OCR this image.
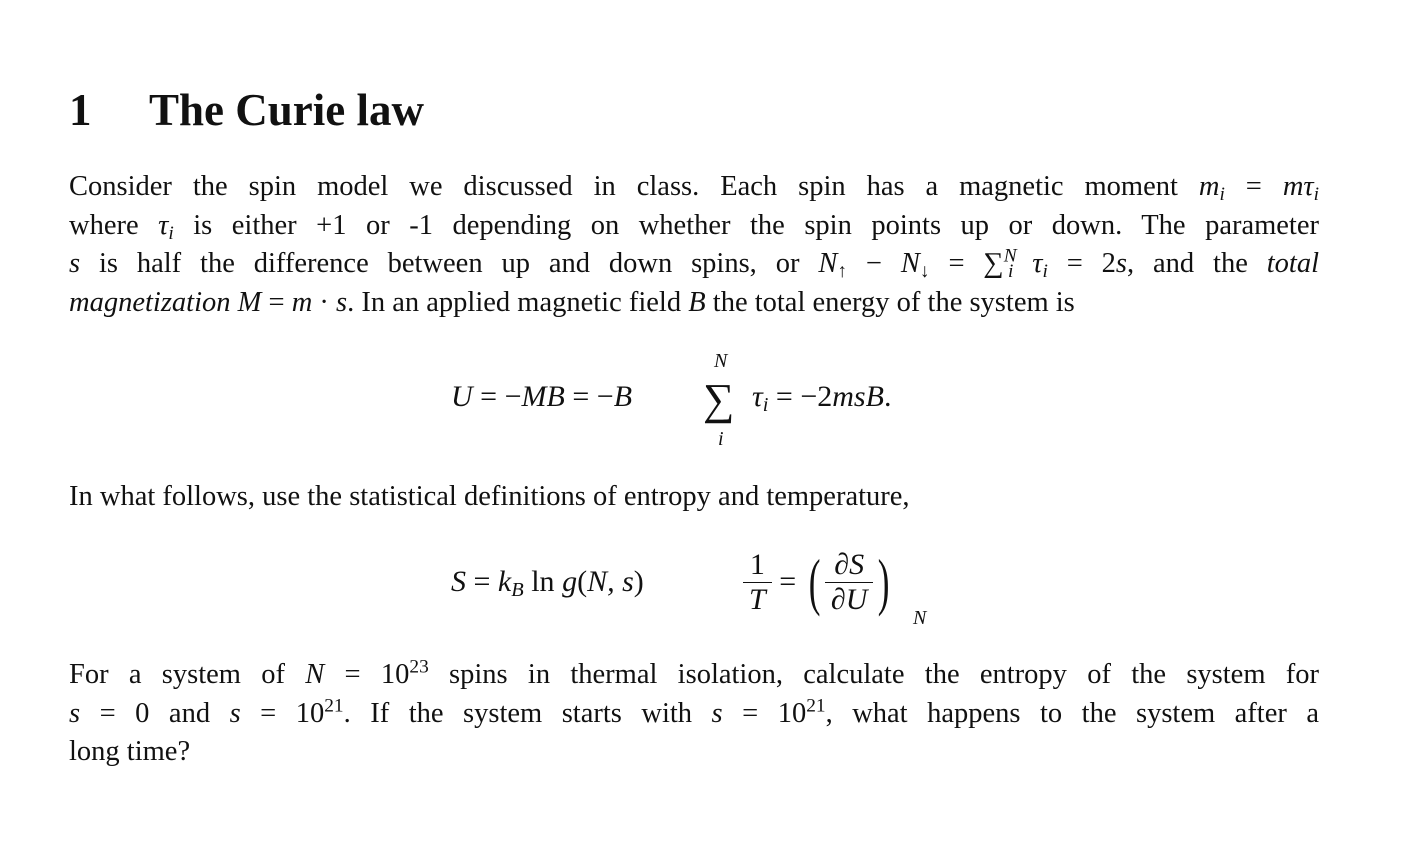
1 The Curie law

Consider the spin model we discussed in class. Each spin has a magnetic moment $m_i = m\tau_i$
where $\tau_i$ is either +1 or -1 depending on whether the spin points up or down. The parameter
s is half the difference between up and down spins, or $N_↑ - N_↓ = \sum^N_i$ $\tau_i = 2s$, and the total
magnetization M = m · s. In an applied magnetic field B the total energy of the system is

U = −MB = −B
N
∑
i
$\tau_i = -2msB$.

In what follows, use the statistical definitions of entropy and temperature,

$S = k_B$ ln g(N, s)	$\frac{1}{T}$ = ( $\frac{\partial S}{\partial U}$ )
N

For a system of $N = 10^{23}$ spins in thermal isolation, calculate the entropy of the system for
s = 0 and $s = 10^{21}$. If the system starts with $s = 10^{21}$, what happens to the system after a
long time?
